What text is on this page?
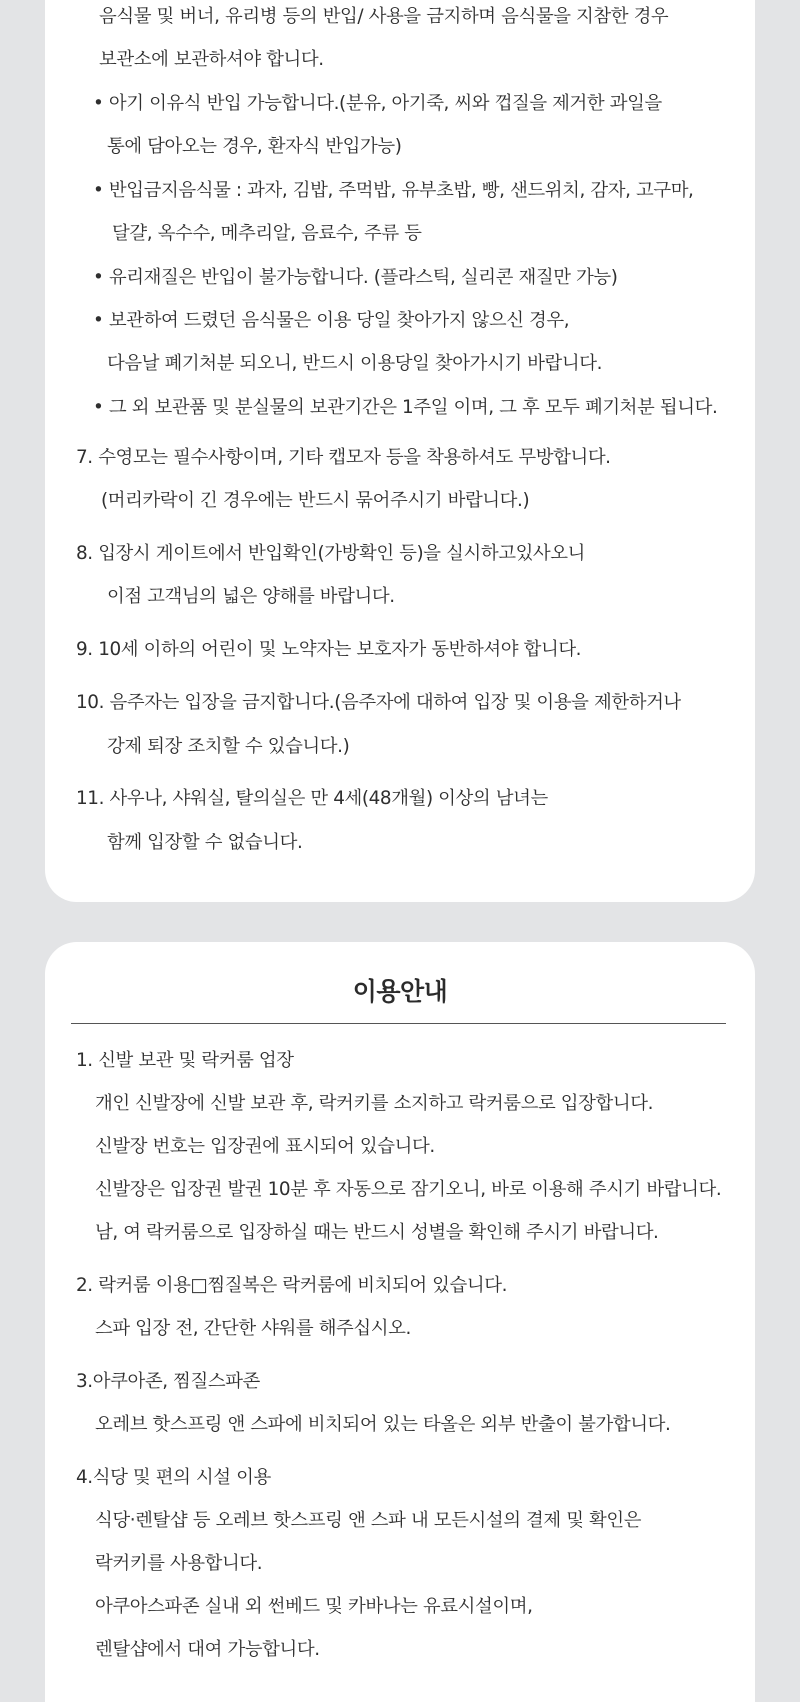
음식물 및 버너, 유리병 등의 반입/ 사용을 금지하며 음식물을 지참한 경우
보관소에 보관하셔야 합니다.
• 아기 이유식 반입 가능합니다.(분유, 아기죽, 씨와 껍질을 제거한 과일을
통에 담아오는 경우, 환자식 반입가능)
• 반입금지음식물 : 과자, 김밥, 주먹밥, 유부초밥, 빵, 샌드위치, 감자, 고구마,
달걀, 옥수수, 메추리알, 음료수, 주류 등
• 유리재질은 반입이 불가능합니다. (플라스틱, 실리콘 재질만 가능)
• 보관하여 드렸던 음식물은 이용 당일 찾아가지 않으신 경우,
다음날 폐기처분 되오니, 반드시 이용당일 찾아가시기 바랍니다.
• 그 외 보관품 및 분실물의 보관기간은 1주일 이며, 그 후 모두 폐기처분 됩니다.
7. 수영모는 필수사항이며, 기타 캡모자 등을 착용하셔도 무방합니다.
(머리카락이 긴 경우에는 반드시 묶어주시기 바랍니다.)
8. 입장시 게이트에서 반입확인(가방확인 등)을 실시하고있사오니
이점 고객님의 넓은 양해를 바랍니다.
9. 10세 이하의 어린이 및 노약자는 보호자가 동반하셔야 합니다.
10. 음주자는 입장을 금지합니다.(음주자에 대하여 입장 및 이용을 제한하거나
강제 퇴장 조치할 수 있습니다.)
11. 사우나, 샤워실, 탈의실은 만 4세(48개월) 이상의 남녀는
함께 입장할 수 없습니다.
이용안내
1. 신발 보관 및 락커룸 업장
개인 신발장에 신발 보관 후, 락커키를 소지하고 락커룸으로 입장합니다.
신발장 번호는 입장권에 표시되어 있습니다.
신발장은 입장권 발권 10분 후 자동으로 잠기오니, 바로 이용해 주시기 바랍니다.
남, 여 락커룸으로 입장하실 때는 반드시 성별을 확인해 주시기 바랍니다.
2. 락커룸 이용□찜질복은 락커룸에 비치되어 있습니다.
스파 입장 전, 간단한 샤워를 해주십시오.
3.아쿠아존, 찜질스파존
오레브 핫스프링 앤 스파에 비치되어 있는 타올은 외부 반출이 불가합니다.
4.식당 및 편의 시설 이용
식당·렌탈샵 등 오레브 핫스프링 앤 스파 내 모든시설의 결제 및 확인은
락커키를 사용합니다.
아쿠아스파존 실내 외 썬베드 및 카바나는 유료시설이며,
렌탈샵에서 대여 가능합니다.
